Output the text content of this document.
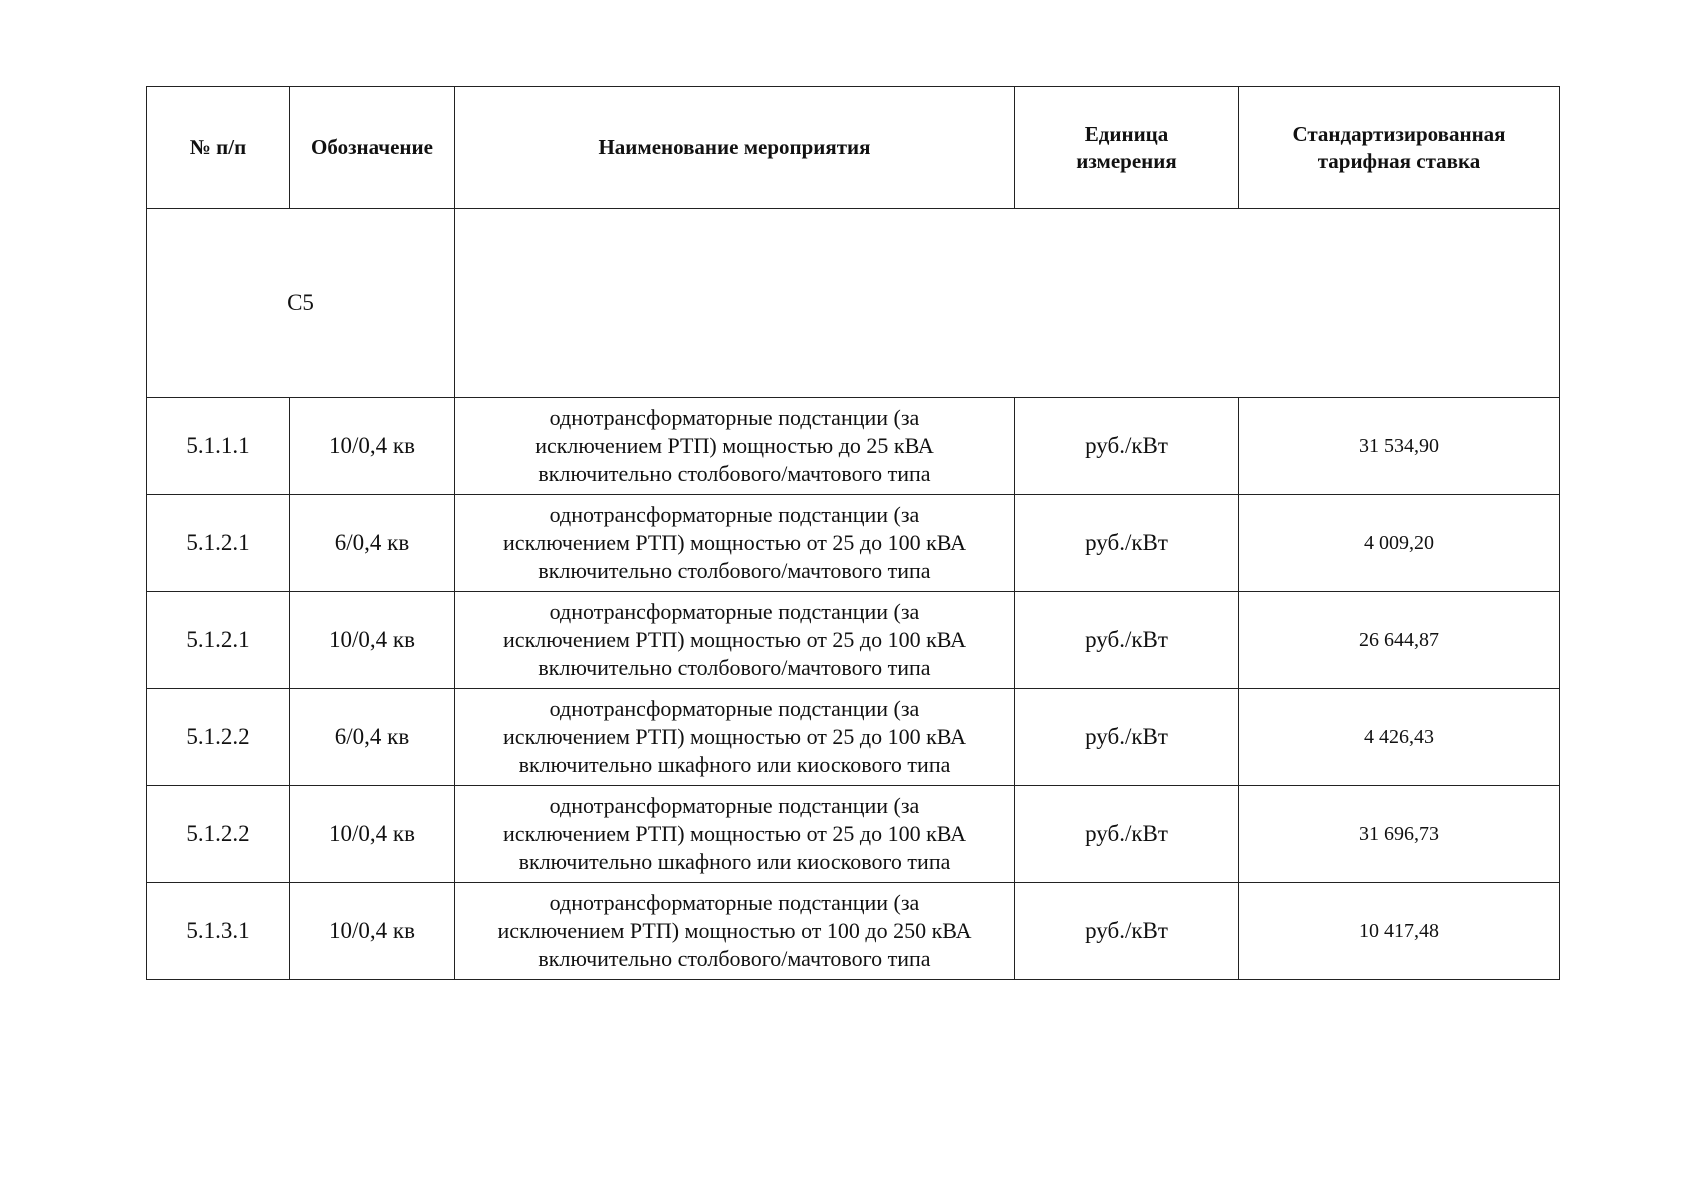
№ п/п	Обозначение	Наименование мероприятия	Единица
измерения	Стандартизированная
тарифная ставка
С5				
5.1.1.1	10/0,4 кв	однотрансформаторные подстанции (за
исключением РТП) мощностью до 25 кВА
включительно столбового/мачтового типа	руб./кВт	31 534,90
5.1.2.1	6/0,4 кв	однотрансформаторные подстанции (за
исключением РТП) мощностью от 25 до 100 кВА
включительно столбового/мачтового типа	руб./кВт	4 009,20
5.1.2.1	10/0,4 кв	однотрансформаторные подстанции (за
исключением РТП) мощностью от 25 до 100 кВА
включительно столбового/мачтового типа	руб./кВт	26 644,87
5.1.2.2	6/0,4 кв	однотрансформаторные подстанции (за
исключением РТП) мощностью от 25 до 100 кВА
включительно шкафного или киоскового типа	руб./кВт	4 426,43
5.1.2.2	10/0,4 кв	однотрансформаторные подстанции (за
исключением РТП) мощностью от 25 до 100 кВА
включительно шкафного или киоскового типа	руб./кВт	31 696,73
5.1.3.1	10/0,4 кв	однотрансформаторные подстанции (за
исключением РТП) мощностью от 100 до 250 кВА
включительно столбового/мачтового типа	руб./кВт	10 417,48
